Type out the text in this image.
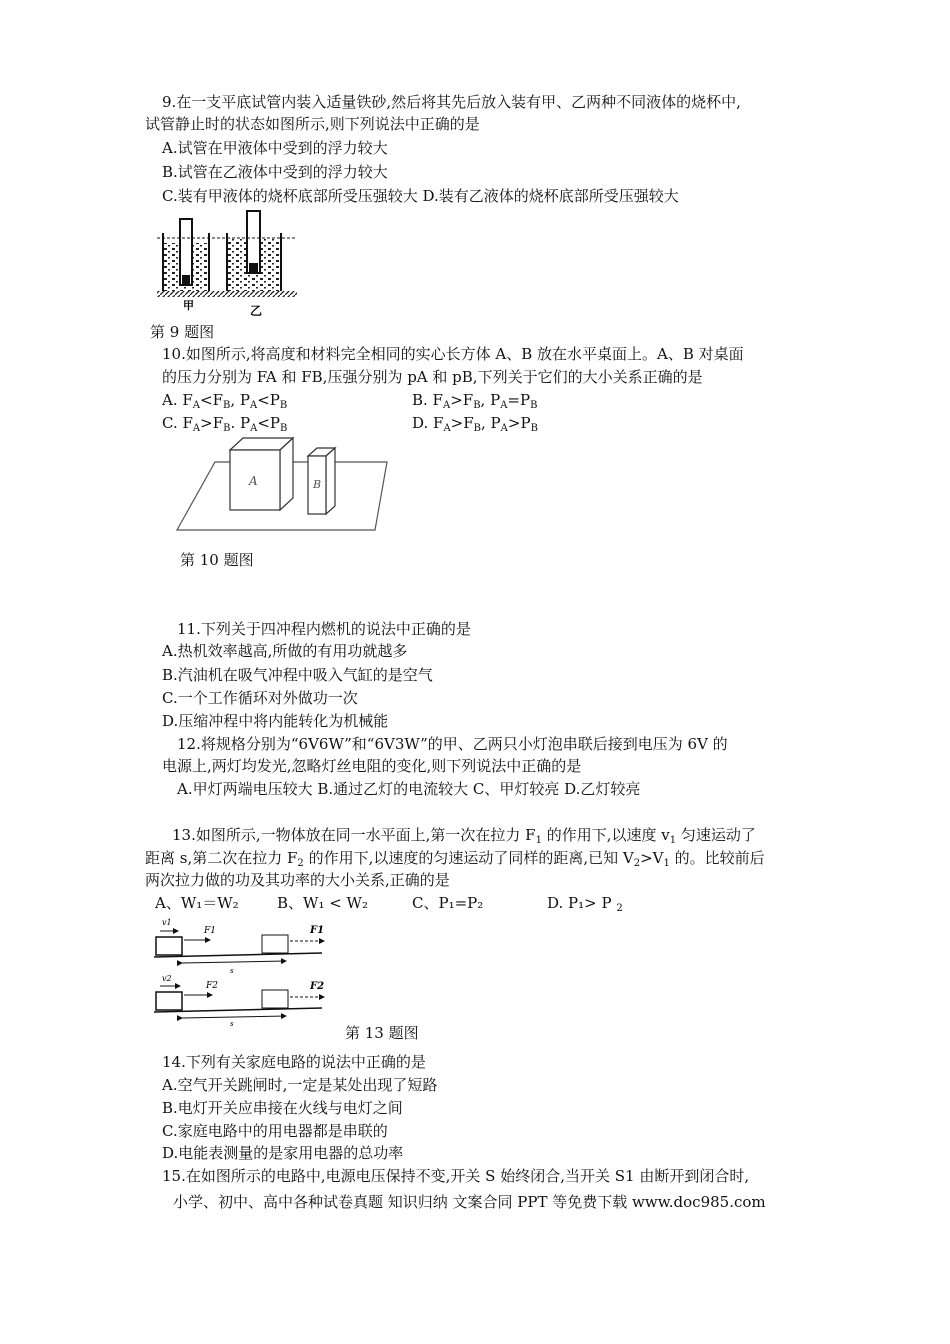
9.在一支平底试管内装入适量铁砂,然后将其先后放入装有甲、乙两种不同液体的烧杯中,
试管静止时的状态如图所示,则下列说法中正确的是
A.试管在甲液体中受到的浮力较大
B.试管在乙液体中受到的浮力较大
C.装有甲液体的烧杯底部所受压强较大 D.装有乙液体的烧杯底部所受压强较大
甲	乙
第 9 题图
10.如图所示,将高度和材料完全相同的实心长方体 A、B 放在水平桌面上。A、B 对桌面
的压力分别为 FA 和 FB,压强分别为 pA 和 pB,下列关于它们的大小关系正确的是
A. $F_A<F_B$, $P_A<P_B$	B. $F_A>F_B$, $P_A=P_B$
C. $F_A>F_B$. $P_A<P_B$	D. $F_A>F_B$, $P_A>P_B$
A	B
第 10 题图
11.下列关于四冲程内燃机的说法中正确的是
A.热机效率越高,所做的有用功就越多
B.汽油机在吸气冲程中吸入气缸的是空气
C.一个工作循环对外做功一次
D.压缩冲程中将内能转化为机械能
12.将规格分别为“6V6W”和“6V3W”的甲、乙两只小灯泡串联后接到电压为 6V 的
电源上,两灯均发光,忽略灯丝电阻的变化,则下列说法中正确的是
A.甲灯两端电压较大 B.通过乙灯的电流较大 C、甲灯较亮 D.乙灯较亮
13.如图所示,一物体放在同一水平面上,第一次在拉力 $F_1$ 的作用下,以速度 $v_1$ 匀速运动了
距离 s,第二次在拉力 $F_2$ 的作用下,以速度的匀速运动了同样的距离,已知 $V_2>V_1$ 的。比较前后
两次拉力做的功及其功率的大小关系,正确的是
A、W₁＝W₂	B、W₁ < W₂	C、P₁=P₂	D. P₁> P $_2$
v1
F1	F1
s
v2
F2	F2
s	第 13 题图
14.下列有关家庭电路的说法中正确的是
A.空气开关跳闸时,一定是某处出现了短路
B.电灯开关应串接在火线与电灯之间
C.家庭电路中的用电器都是串联的
D.电能表测量的是家用电器的总功率
15.在如图所示的电路中,电源电压保持不变,开关 S 始终闭合,当开关 S1 由断开到闭合时,
小学、初中、高中各种试卷真题 知识归纳 文案合同 PPT 等免费下载 www.doc985.com
